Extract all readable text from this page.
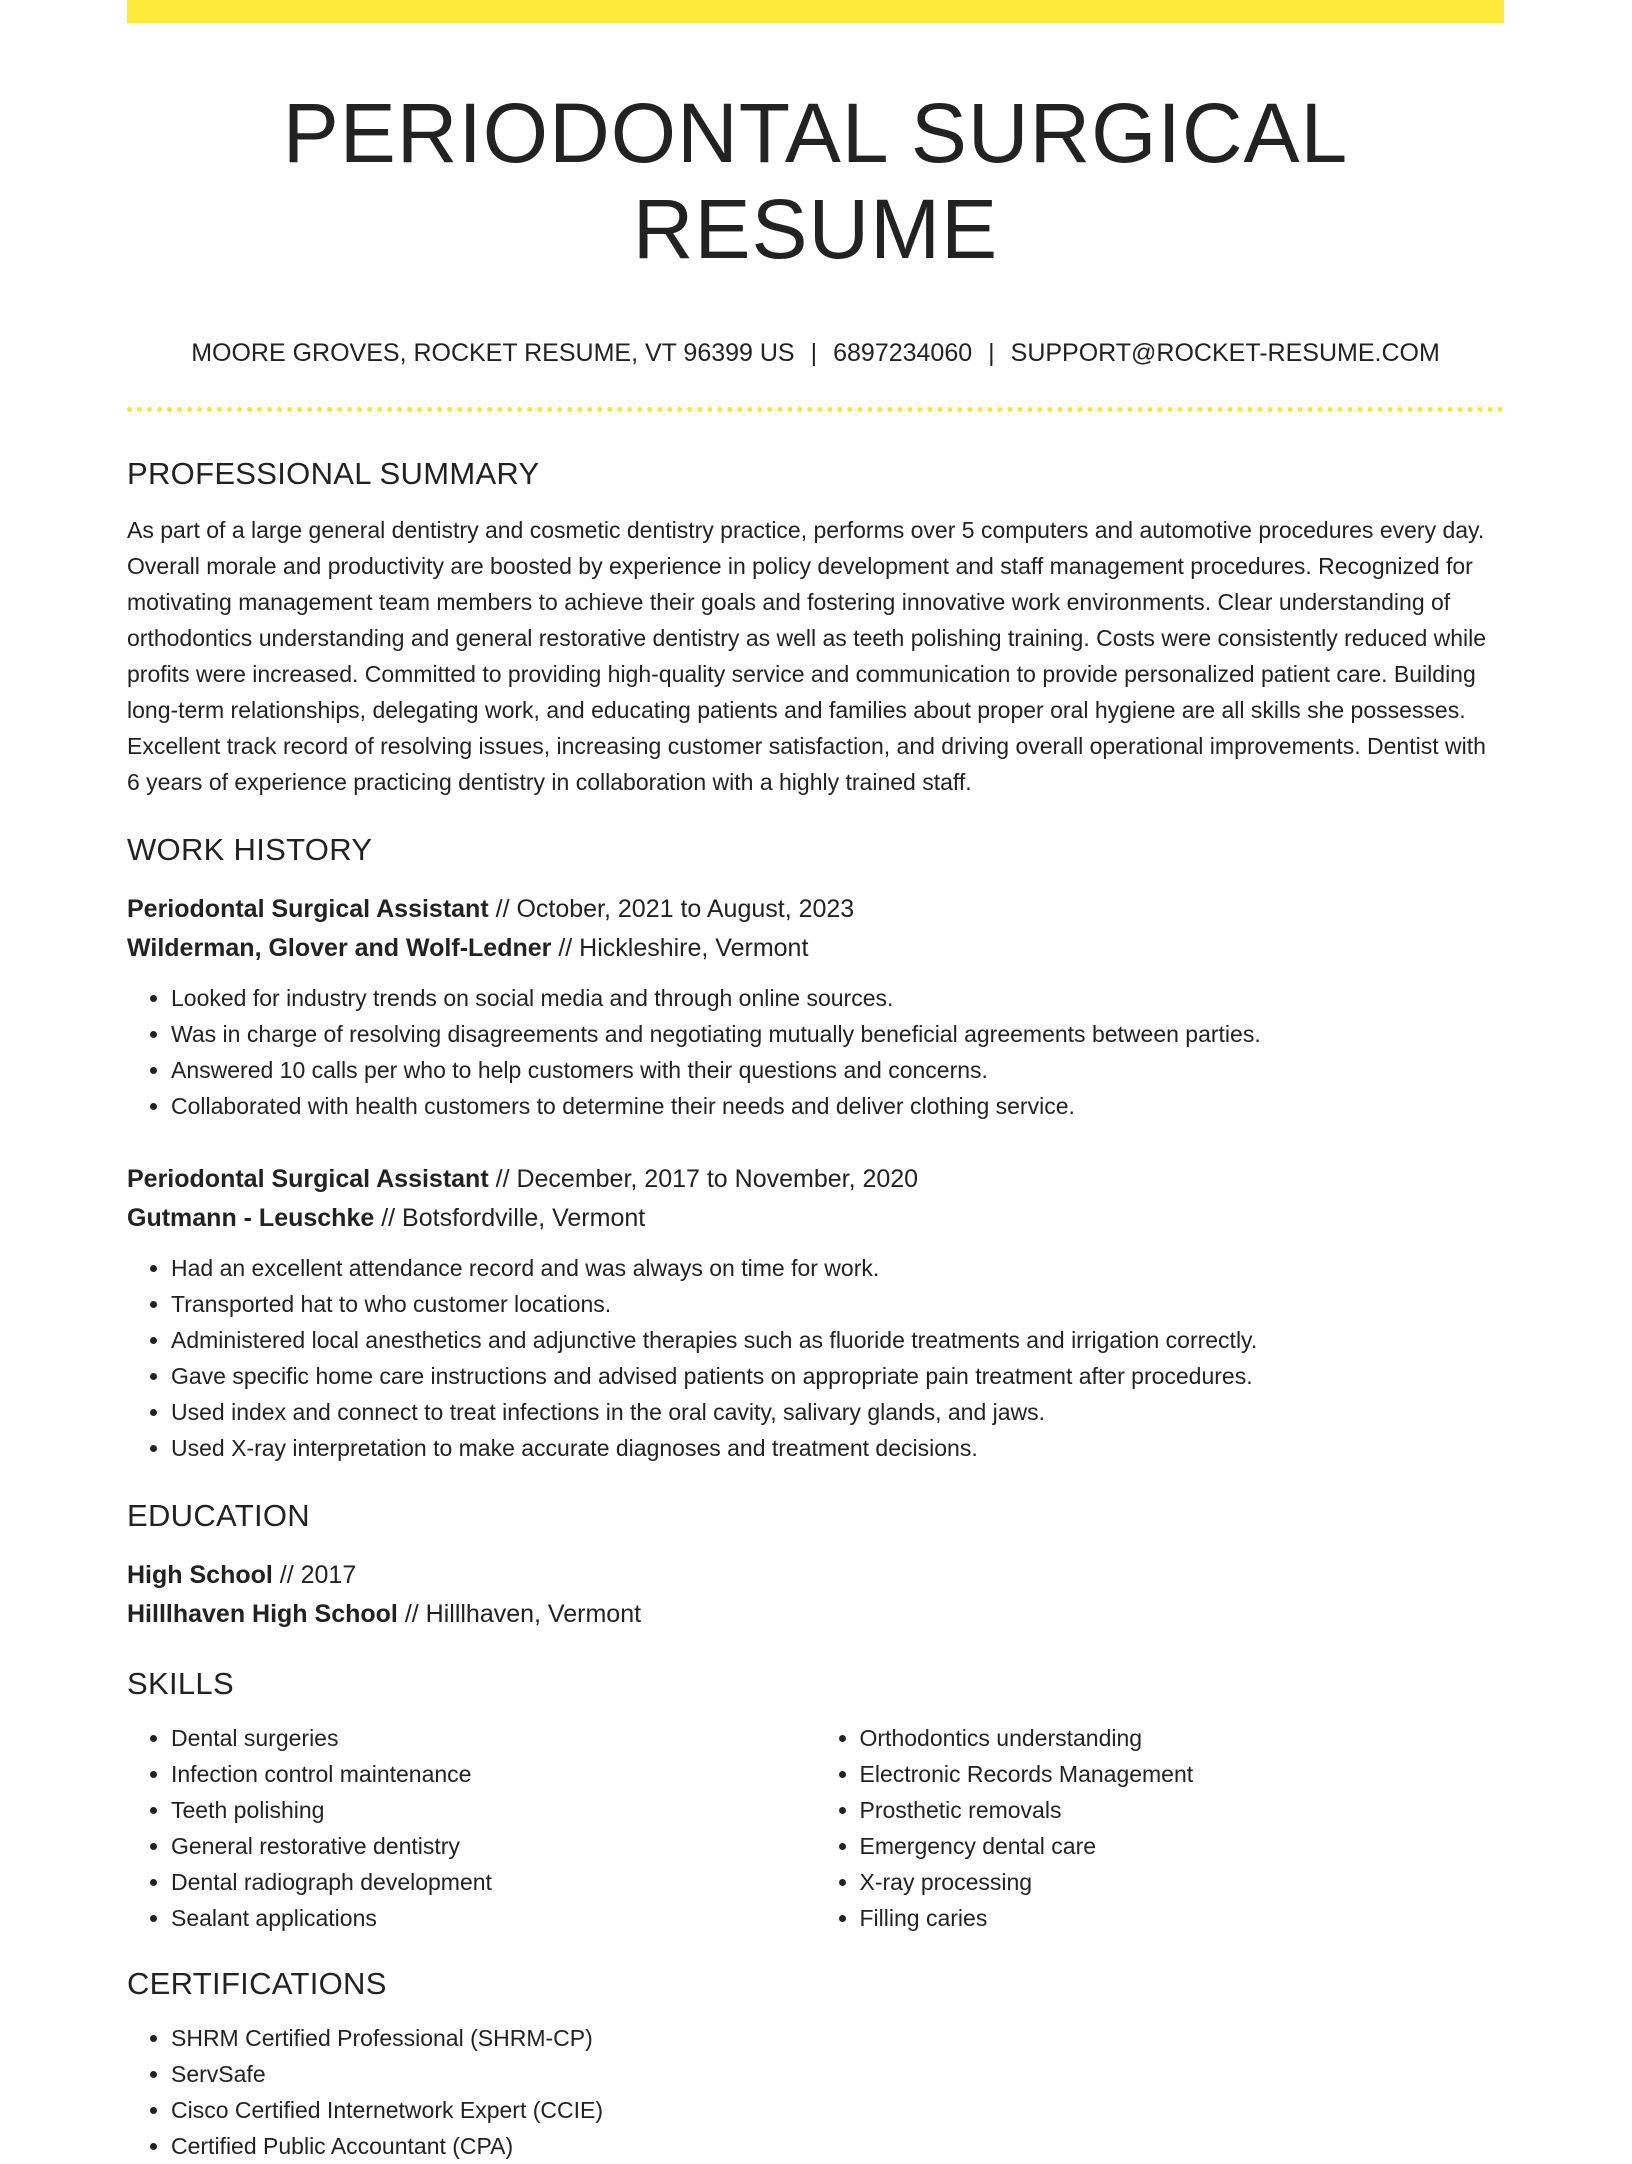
PERIODONTAL SURGICAL RESUME
MOORE GROVES, ROCKET RESUME, VT 96399 US | 6897234060 | SUPPORT@ROCKET-RESUME.COM
PROFESSIONAL SUMMARY
As part of a large general dentistry and cosmetic dentistry practice, performs over 5 computers and automotive procedures every day. Overall morale and productivity are boosted by experience in policy development and staff management procedures. Recognized for motivating management team members to achieve their goals and fostering innovative work environments. Clear understanding of orthodontics understanding and general restorative dentistry as well as teeth polishing training. Costs were consistently reduced while profits were increased. Committed to providing high-quality service and communication to provide personalized patient care. Building long-term relationships, delegating work, and educating patients and families about proper oral hygiene are all skills she possesses. Excellent track record of resolving issues, increasing customer satisfaction, and driving overall operational improvements. Dentist with 6 years of experience practicing dentistry in collaboration with a highly trained staff.
WORK HISTORY
Periodontal Surgical Assistant // October, 2021 to August, 2023
Wilderman, Glover and Wolf-Ledner // Hickleshire, Vermont
• Looked for industry trends on social media and through online sources.
• Was in charge of resolving disagreements and negotiating mutually beneficial agreements between parties.
• Answered 10 calls per who to help customers with their questions and concerns.
• Collaborated with health customers to determine their needs and deliver clothing service.
Periodontal Surgical Assistant // December, 2017 to November, 2020
Gutmann - Leuschke // Botsfordville, Vermont
• Had an excellent attendance record and was always on time for work.
• Transported hat to who customer locations.
• Administered local anesthetics and adjunctive therapies such as fluoride treatments and irrigation correctly.
• Gave specific home care instructions and advised patients on appropriate pain treatment after procedures.
• Used index and connect to treat infections in the oral cavity, salivary glands, and jaws.
• Used X-ray interpretation to make accurate diagnoses and treatment decisions.
EDUCATION
High School // 2017
Hilllhaven High School // Hilllhaven, Vermont
SKILLS
• Dental surgeries
• Infection control maintenance
• Teeth polishing
• General restorative dentistry
• Dental radiograph development
• Sealant applications
• Orthodontics understanding
• Electronic Records Management
• Prosthetic removals
• Emergency dental care
• X-ray processing
• Filling caries
CERTIFICATIONS
• SHRM Certified Professional (SHRM-CP)
• ServSafe
• Cisco Certified Internetwork Expert (CCIE)
• Certified Public Accountant (CPA)
